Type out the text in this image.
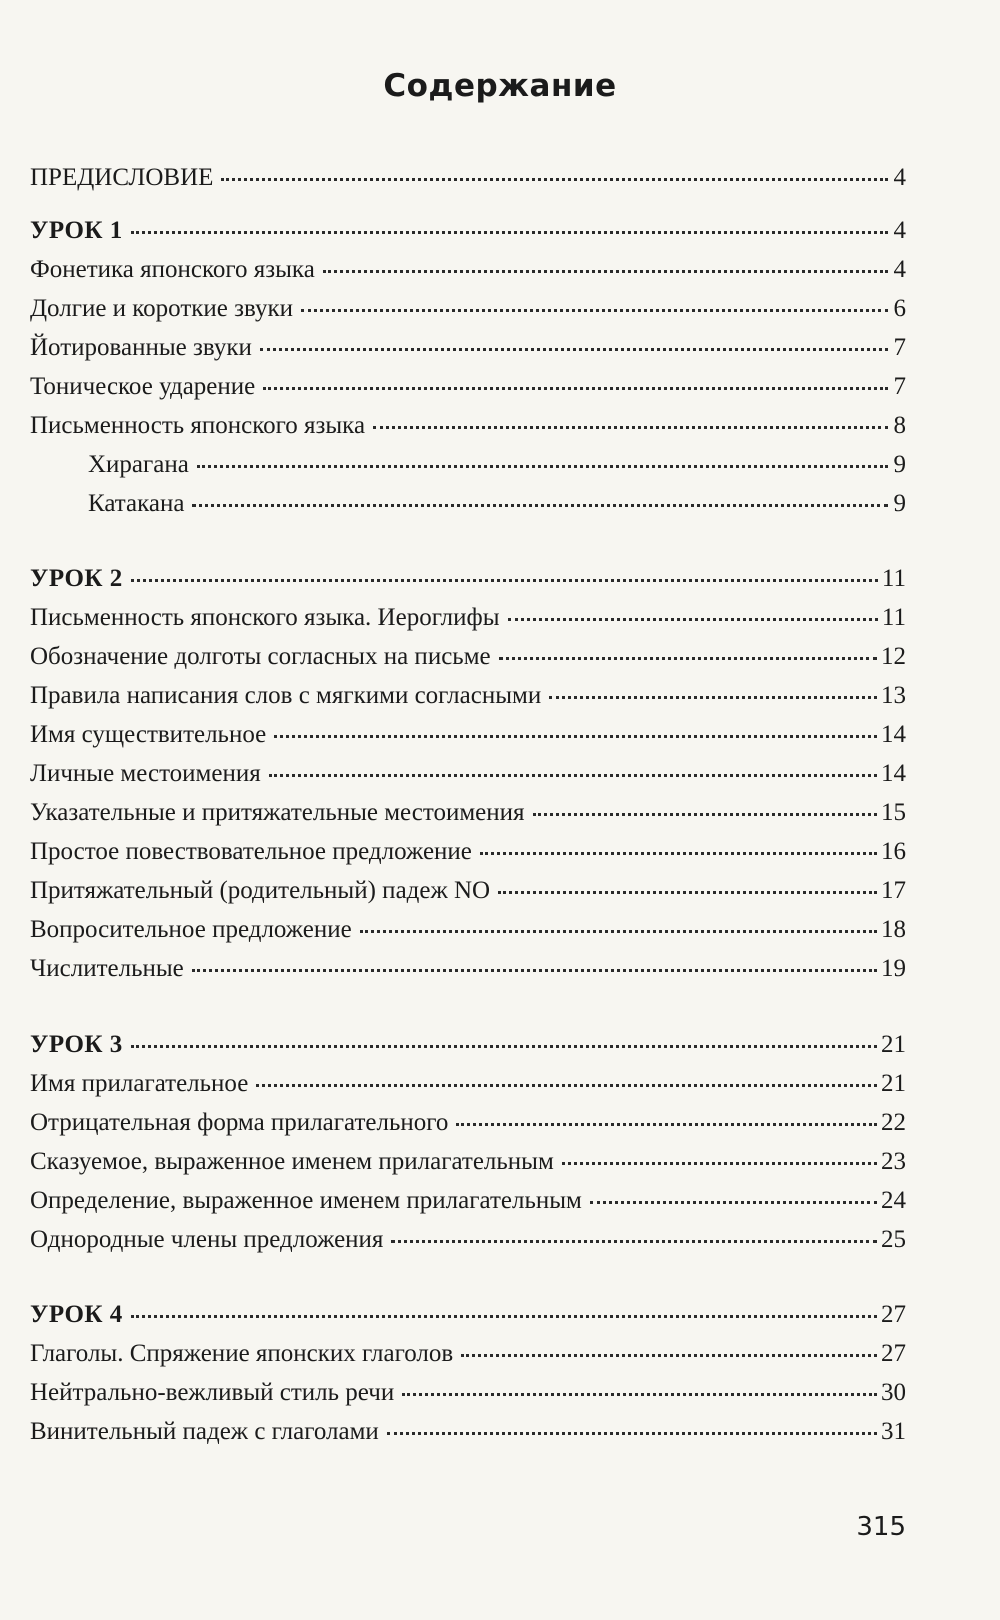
Содержание
ПРЕДИСЛОВИЕ	4
УРОК 1	4
Фонетика японского языка	4
Долгие и короткие звуки	6
Йотированные звуки	7
Тоническое ударение	7
Письменность японского языка	8
Хирагана	9
Катакана	9
УРОК 2	11
Письменность японского языка. Иероглифы	11
Обозначение долготы согласных на письме	12
Правила написания слов с мягкими согласными	13
Имя существительное	14
Личные местоимения	14
Указательные и притяжательные местоимения	15
Простое повествовательное предложение	16
Притяжательный (родительный) падеж NO	17
Вопросительное предложение	18
Числительные	19
УРОК 3	21
Имя прилагательное	21
Отрицательная форма прилагательного	22
Сказуемое, выраженное именем прилагательным	23
Определение, выраженное именем прилагательным	24
Однородные члены предложения	25
УРОК 4	27
Глаголы. Спряжение японских глаголов	27
Нейтрально-вежливый стиль речи	30
Винительный падеж с глаголами	31
315
